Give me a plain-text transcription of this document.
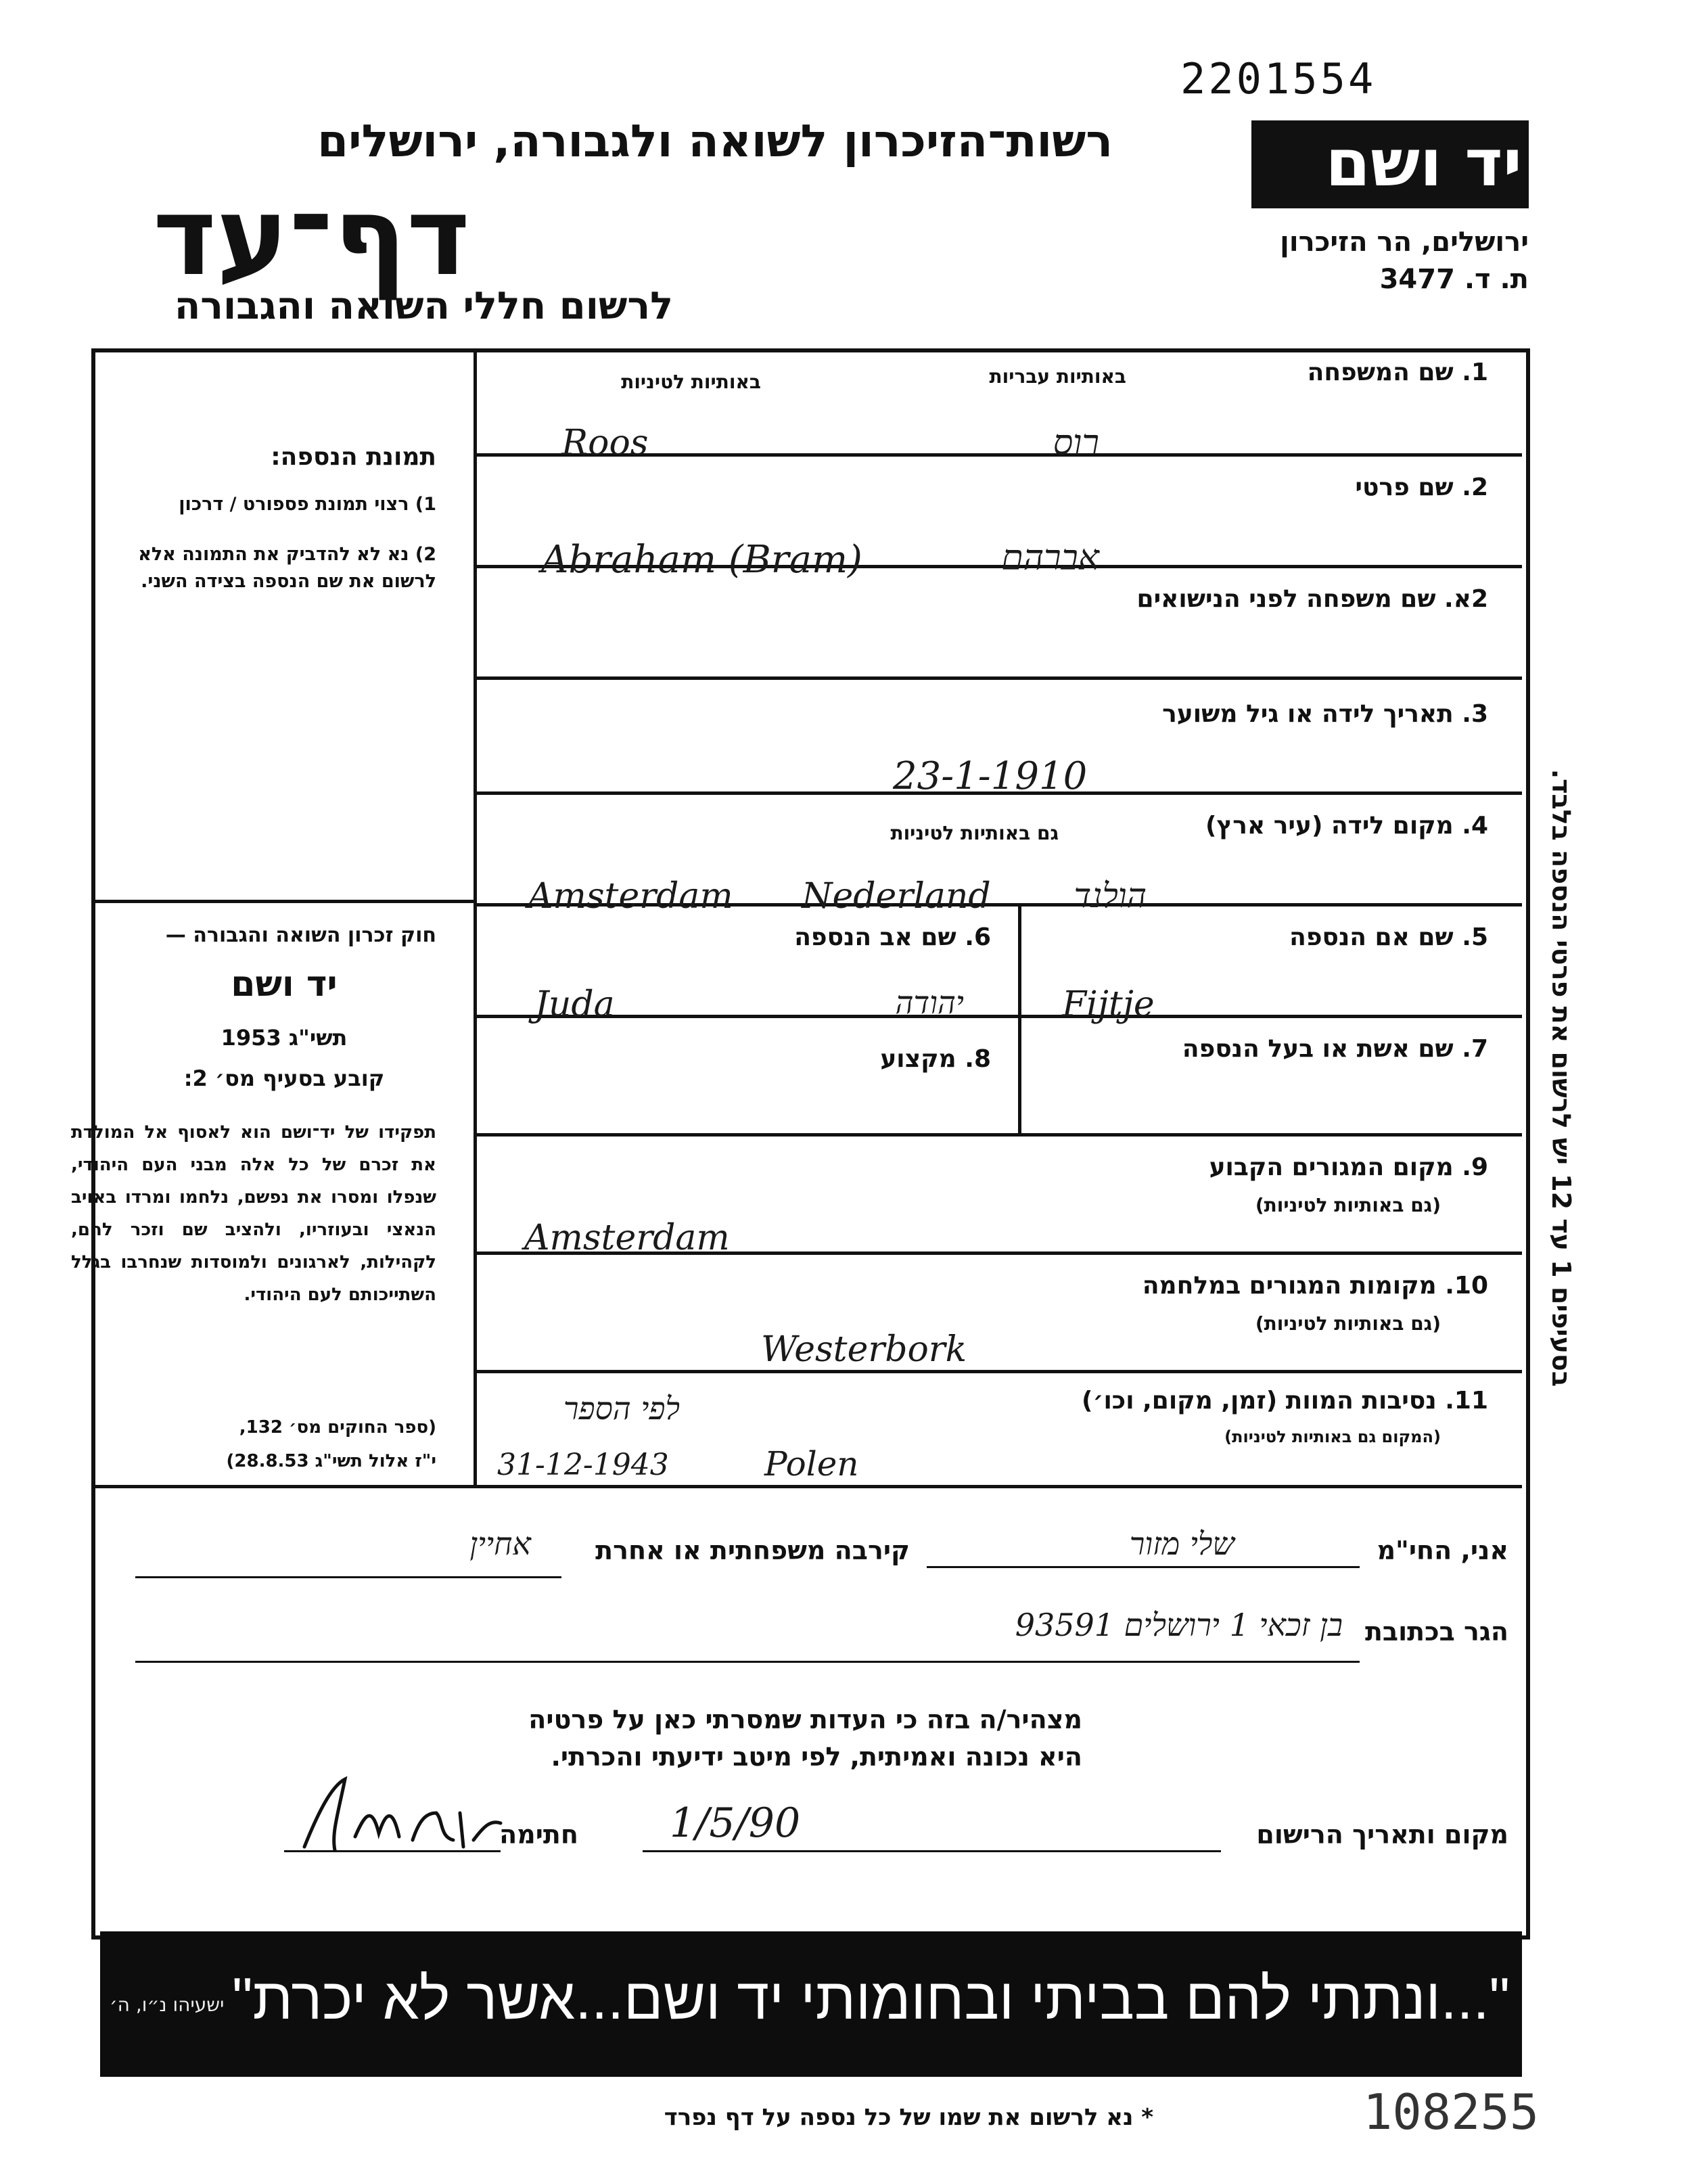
2201554
רשות־הזיכרון לשואה ולגבורה, ירושלים
דף־עד
לרשום חללי השואה והגבורה
יד ושם
ירושלים, הר הזיכרון
ת. ד. 3477
בסעיפים 1 עד 12 יש לרשום את פרטי הנספה בלבד.
תמונת הנספה:
1) רצוי תמונת פספורט / דרכון
2) נא לא להדביק את התמונה אלא לרשום את שם הנספה בצידה השני.
חוק זכרון השואה והגבורה —
יד ושם
תשי"ג 1953
קובע בסעיף מס׳ 2:
תפקידו של יד־ושם הוא לאסוף אל המולדת את זכרם של כל אלה מבני העם היהודי, שנפלו ומסרו את נפשם, נלחמו ומרדו באויב הנאצי ובעוזריו, ולהציב שם וזכר להם, לקהילות, לארגונים ולמוסדות שנחרבו בגלל השתייכותם לעם היהודי.
(ספר החוקים מס׳ 132,
י"ז אלול תשי"ג 28.8.53)
1. שם המשפחה
באותיות עבריות
באותיות לטיניות
Roos	רוס
2. שם פרטי
Abraham (Bram)	אברהם
2א. שם משפחה לפני הנישואים
3. תאריך לידה או גיל משוער
23-1-1910
4. מקום לידה (עיר ארץ)
גם באותיות לטיניות
Amsterdam Nederland הולנד
5. שם אם הנספה
Fijtje
6. שם אב הנספה
Juda	יהודה
7. שם אשת או בעל הנספה
8. מקצוע
9. מקום המגורים הקבוע
(גם באותיות לטיניות)
Amsterdam
10. מקומות המגורים במלחמה
(גם באותיות לטיניות)
Westerbork
11. נסיבות המוות (זמן, מקום, וכו׳)
(המקום גם באותיות לטיניות)
לפי הספר
31-12-1943	Polen
אני, החי"מ
שלי מזור
קירבה משפחתית או אחרת
אחיין
הגר בכתובת
בן זכאי 1 ירושלים 93591
מצהיר/ה בזה כי העדות שמסרתי כאן על פרטיה
היא נכונה ואמיתית, לפי מיטב ידיעתי והכרתי.
מקום ותאריך הרישום
1/5/90
חתימה
"...ונתתי להם בביתי ובחומותי יד ושם...אשר לא יכרת"
ישעיהו נ״ו, ה׳
* נא לרשום את שמו של כל נספה על דף נפרד	108255
